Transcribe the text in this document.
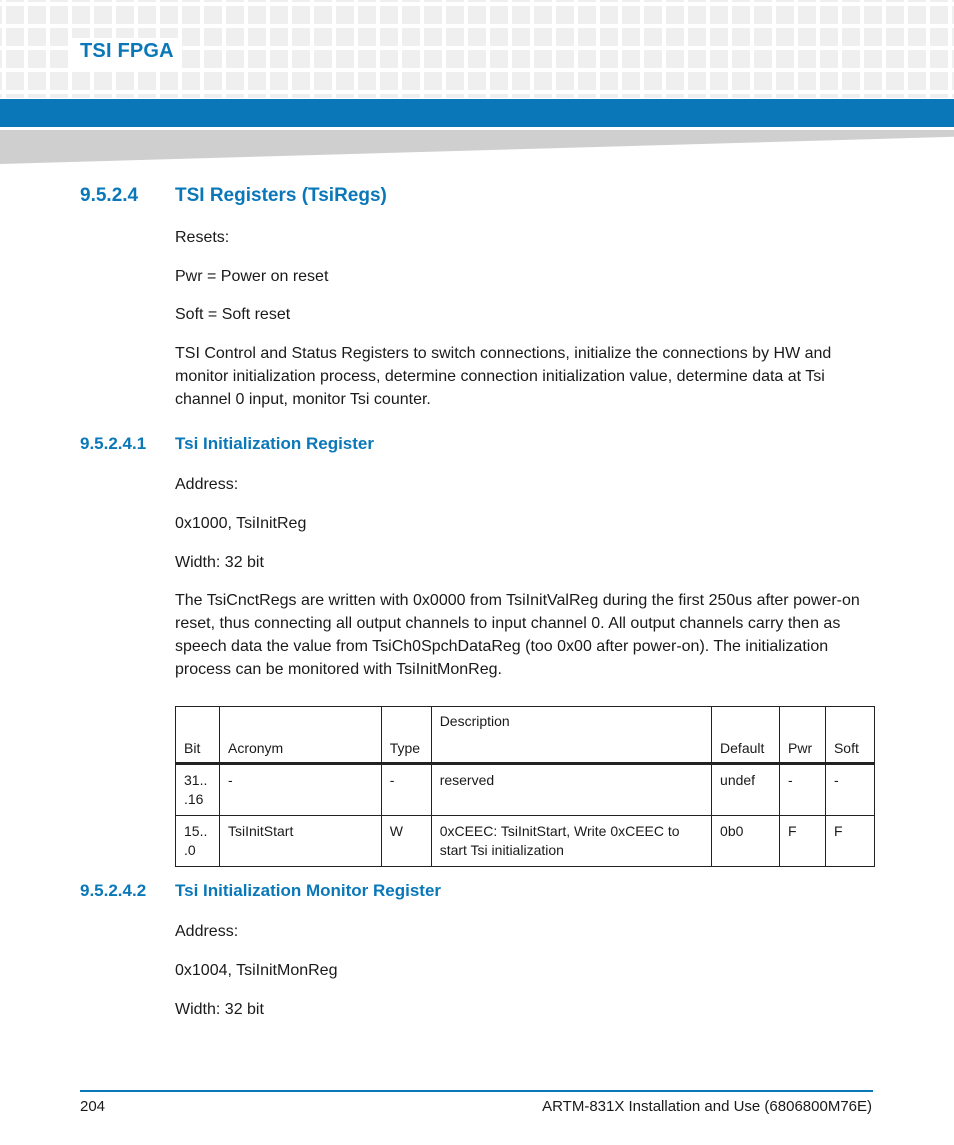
TSI FPGA
9.5.2.4 TSI Registers (TsiRegs)
Resets:
Pwr = Power on reset
Soft = Soft reset
TSI Control and Status Registers to switch connections, initialize the connections by HW and monitor initialization process, determine connection initialization value, determine data at Tsi channel 0 input, monitor Tsi counter.
9.5.2.4.1 Tsi Initialization Register
Address:
0x1000, TsiInitReg
Width: 32 bit
The TsiCnctRegs are written with 0x0000 from TsiInitValReg during the first 250us after power-on reset, thus connecting all output channels to input channel 0. All output channels carry then as speech data the value from TsiCh0SpchDataReg (too 0x00 after power-on). The initialization process can be monitored with TsiInitMonReg.
Bit	Acronym	Type	Description	Default	Pwr	Soft
31..
.16	-	-	reserved	undef	-	-
15..
.0	TsiInitStart	W	0xCEEC: TsiInitStart, Write 0xCEEC to start Tsi initialization	0b0	F	F
9.5.2.4.2 Tsi Initialization Monitor Register
Address:
0x1004, TsiInitMonReg
Width: 32 bit
204	ARTM-831X Installation and Use (6806800M76E)
